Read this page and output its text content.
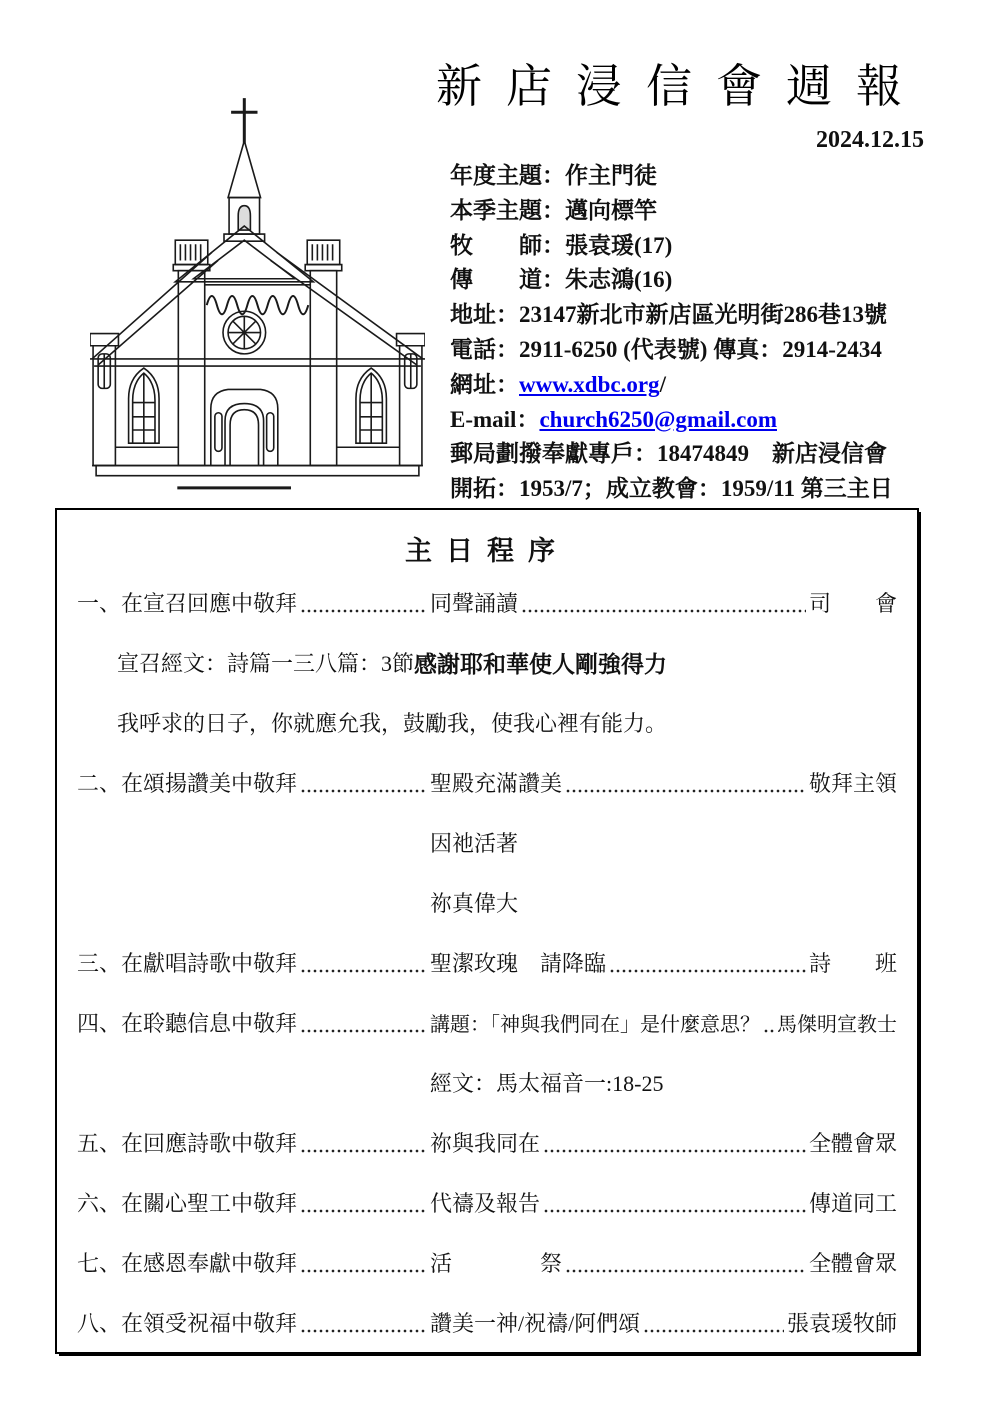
新店浸信會週報
2024.12.15
年度主題：作主門徒
本季主題：邁向標竿
牧　　師：張袁瑗(17)
傳　　道：朱志鴻(16)
地址：23147新北市新店區光明街286巷13號
電話：2911-6250 (代表號) 傳真：2914-2434
網址：www.xdbc.org/
E-mail：church6250@gmail.com
郵局劃撥奉獻專戶：18474849　新店浸信會
開拓：1953/7；成立教會：1959/11 第三主日
主日程序
一、在宣召回應中敬拜	同聲誦讀	司　　會
宣召經文：詩篇一三八篇：3節 感謝耶和華使人剛強得力
我呼求的日子，你就應允我，鼓勵我，使我心裡有能力。
二、在頌揚讚美中敬拜	聖殿充滿讚美	敬拜主領
因祂活著
祢真偉大
三、在獻唱詩歌中敬拜	聖潔玫瑰　請降臨	詩　　班
四、在聆聽信息中敬拜	講題：「神與我們同在」是什麼意思？ 馬傑明宣教士
經文：馬太福音一:18-25
五、在回應詩歌中敬拜	祢與我同在	全體會眾
六、在關心聖工中敬拜	代禱及報告	傳道同工
七、在感恩奉獻中敬拜	活　　　　祭	全體會眾
八、在領受祝福中敬拜	讚美一神/祝禱/阿們頌	張袁瑗牧師
